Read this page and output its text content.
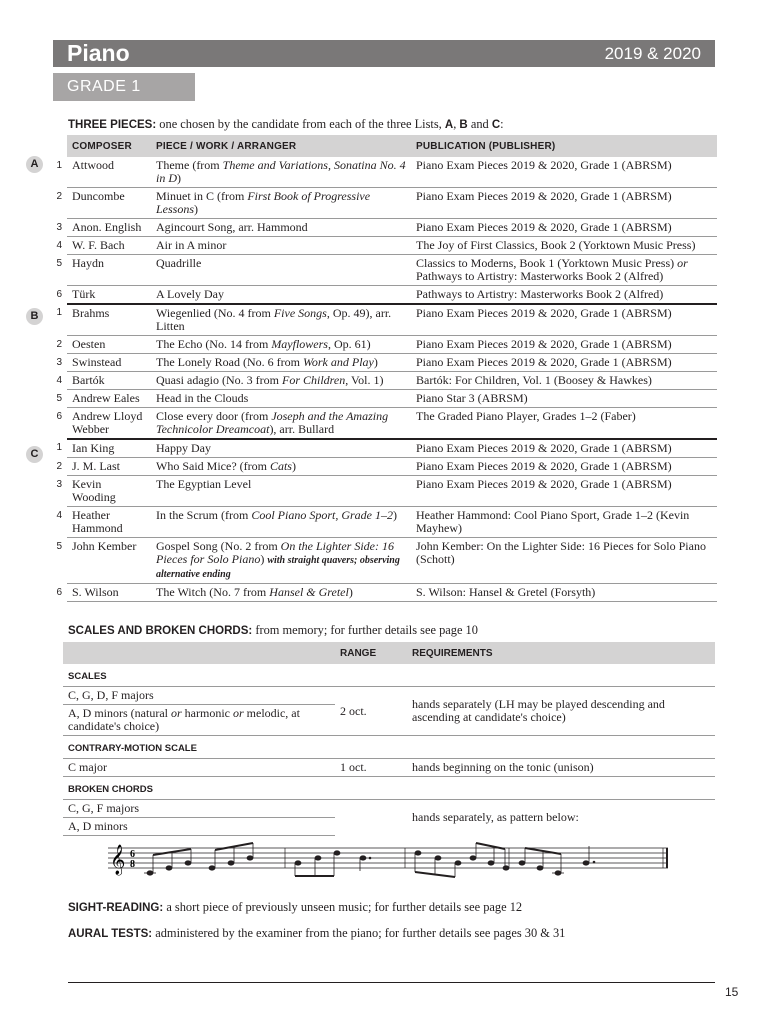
Piano	2019 & 2020
GRADE 1
THREE PIECES: one chosen by the candidate from each of the three Lists, A, B and C:
A
B
C
	COMPOSER	PIECE / WORK / ARRANGER	PUBLICATION (PUBLISHER)
1	Attwood	Theme (from Theme and Variations, Sonatina No. 4 in D)	Piano Exam Pieces 2019 & 2020, Grade 1 (ABRSM)
2	Duncombe	Minuet in C (from First Book of Progressive Lessons)	Piano Exam Pieces 2019 & 2020, Grade 1 (ABRSM)
3	Anon. English	Agincourt Song, arr. Hammond	Piano Exam Pieces 2019 & 2020, Grade 1 (ABRSM)
4	W. F. Bach	Air in A minor	The Joy of First Classics, Book 2 (Yorktown Music Press)
5	Haydn	Quadrille	Classics to Moderns, Book 1 (Yorktown Music Press) or
Pathways to Artistry: Masterworks Book 2 (Alfred)
6	Türk	A Lovely Day	Pathways to Artistry: Masterworks Book 2 (Alfred)
1	Brahms	Wiegenlied (No. 4 from Five Songs, Op. 49), arr. Litten	Piano Exam Pieces 2019 & 2020, Grade 1 (ABRSM)
2	Oesten	The Echo (No. 14 from Mayflowers, Op. 61)	Piano Exam Pieces 2019 & 2020, Grade 1 (ABRSM)
3	Swinstead	The Lonely Road (No. 6 from Work and Play)	Piano Exam Pieces 2019 & 2020, Grade 1 (ABRSM)
4	Bartók	Quasi adagio (No. 3 from For Children, Vol. 1)	Bartók: For Children, Vol. 1 (Boosey & Hawkes)
5	Andrew Eales	Head in the Clouds	Piano Star 3 (ABRSM)
6	Andrew Lloyd Webber	Close every door (from Joseph and the Amazing Technicolor Dreamcoat), arr. Bullard	The Graded Piano Player, Grades 1–2 (Faber)
1	Ian King	Happy Day	Piano Exam Pieces 2019 & 2020, Grade 1 (ABRSM)
2	J. M. Last	Who Said Mice? (from Cats)	Piano Exam Pieces 2019 & 2020, Grade 1 (ABRSM)
3	Kevin Wooding	The Egyptian Level	Piano Exam Pieces 2019 & 2020, Grade 1 (ABRSM)
4	Heather Hammond	In the Scrum (from Cool Piano Sport, Grade 1–2)	Heather Hammond: Cool Piano Sport, Grade 1–2 (Kevin Mayhew)
5	John Kember	Gospel Song (No. 2 from On the Lighter Side: 16 Pieces for Solo Piano) with straight quavers; observing alternative ending	John Kember: On the Lighter Side: 16 Pieces for Solo Piano (Schott)
6	S. Wilson	The Witch (No. 7 from Hansel & Gretel)	S. Wilson: Hansel & Gretel (Forsyth)
SCALES AND BROKEN CHORDS: from memory; for further details see page 10
	RANGE	REQUIREMENTS
SCALES		
C, G, D, F majors	2 oct.	hands separately (LH may be played descending and ascending at candidate's choice)
A, D minors (natural or harmonic or melodic, at candidate's choice)		
CONTRARY-MOTION SCALE		
C major	1 oct.	hands beginning on the tonic (unison)
BROKEN CHORDS		
C, G, F majors		hands separately, as pattern below:
A, D minors		
𝄞 6
8
SIGHT-READING: a short piece of previously unseen music; for further details see page 12
AURAL TESTS: administered by the examiner from the piano; for further details see pages 30 & 31
15
